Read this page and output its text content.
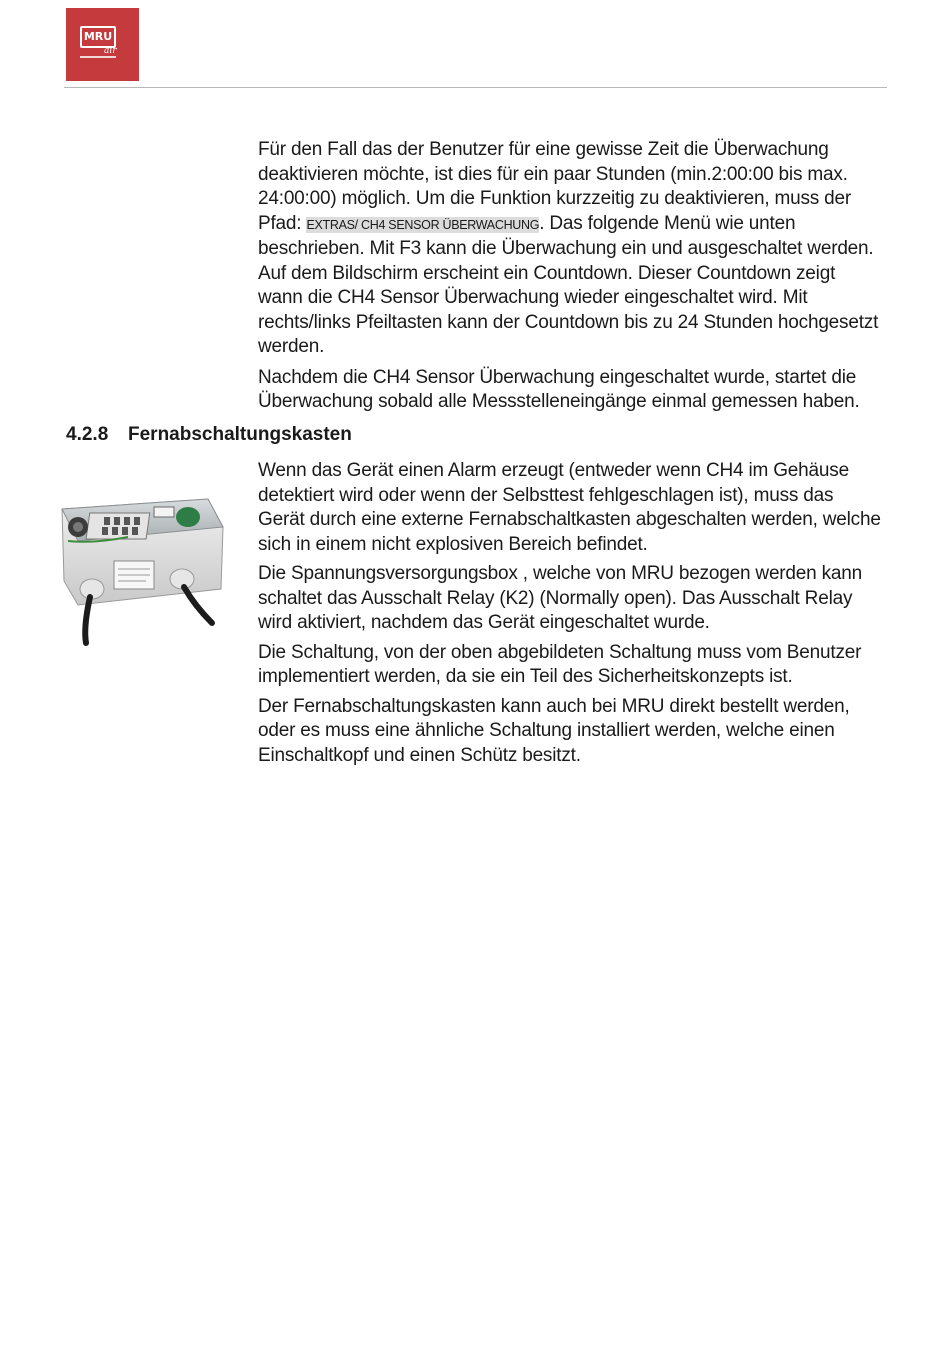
MRU
air

Für den Fall das der Benutzer für eine gewisse Zeit die Überwachung deaktivieren möchte, ist dies für ein paar Stunden (min.2:00:00 bis max. 24:00:00) möglich. Um die Funktion kurzzeitig zu deaktivieren, muss der Pfad: EXTRAS/ CH4 SENSOR ÜBERWACHUNG. Das folgende Menü wie unten beschrieben. Mit F3 kann die Überwachung ein und ausgeschaltet werden. Auf dem Bildschirm erscheint ein Countdown. Dieser Countdown zeigt wann die CH4 Sensor Überwachung wieder eingeschaltet wird. Mit rechts/links Pfeiltasten kann der Countdown bis zu 24 Stunden hochgesetzt werden.

Nachdem die CH4 Sensor Überwachung eingeschaltet wurde, startet die Überwachung sobald alle Messstelleneingänge einmal gemessen haben.

4.2.8 Fernabschaltungskasten

Wenn das Gerät einen Alarm erzeugt (entweder wenn CH4 im Gehäuse detektiert wird oder wenn der Selbsttest fehlgeschlagen ist), muss das Gerät durch eine externe Fernabschaltkasten abgeschalten werden, welche sich in einem nicht explosiven Bereich befindet.

Die Spannungsversorgungsbox , welche von MRU bezogen werden kann schaltet das Ausschalt Relay (K2) (Normally open). Das Ausschalt Relay wird aktiviert, nachdem das Gerät eingeschaltet wurde.

Die Schaltung, von der oben abgebildeten Schaltung muss vom Benutzer implementiert werden, da sie ein Teil des Sicherheitskonzepts ist.

Der Fernabschaltungskasten kann auch bei MRU direkt bestellt werden, oder es muss eine ähnliche Schaltung installiert werden, welche einen Einschaltkopf und einen Schütz besitzt.
